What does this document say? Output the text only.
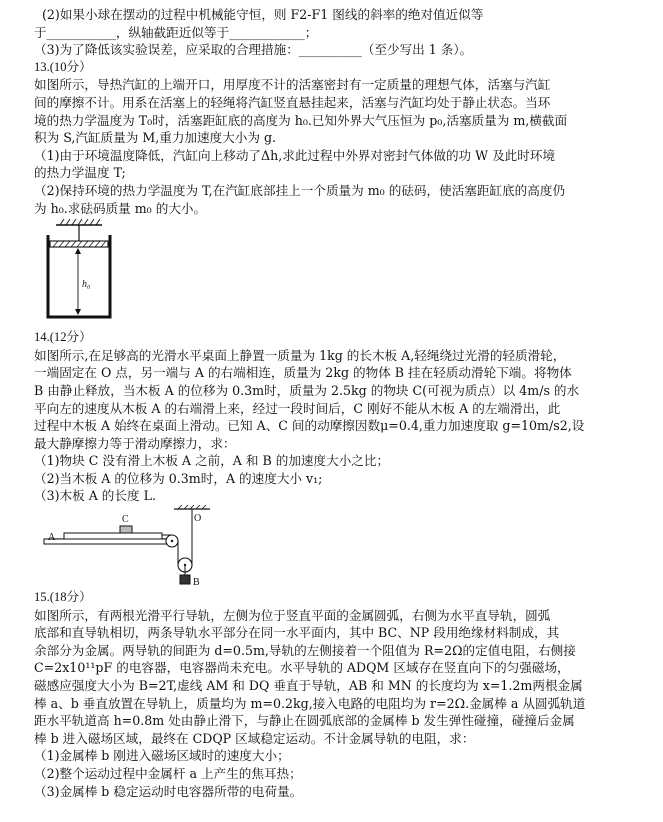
(2)如果小球在摆动的过程中机械能守恒，则 F2-F1 图线的斜率的绝对值近似等
于___________，纵轴截距近似等于____________；
（3)为了降低该实验误差，应采取的合理措施：__________（至少写出 1 条）。
13.(10分）
如图所示，导热汽缸的上端开口，用厚度不计的活塞密封有一定质量的理想气体，活塞与汽缸
间的摩擦不计。用系在活塞上的轻绳将汽缸竖直悬挂起来，活塞与汽缸均处于静止状态。当环
境的热力学温度为 T₀时，活塞距缸底的高度为 h₀.已知外界大气压恒为 p₀,活塞质量为 m,横截面
积为 S,汽缸质量为 M,重力加速度大小为 g.
（1)由于环境温度降低，汽缸向上移动了Δh,求此过程中外界对密封气体做的功 W 及此时环境
的热力学温度 T;
（2)保持环境的热力学温度为 T,在汽缸底部挂上一个质量为 m₀ 的砝码，使活塞距缸底的高度仍
为 h₀.求砝码质量 m₀ 的大小。
h₀
14.(12分）
如图所示,在足够高的光滑水平桌面上静置一质量为 1kg 的长木板 A,轻绳绕过光滑的轻质滑轮，
一端固定在 O 点，另一端与 A 的右端相连，质量为 2kg 的物体 B 挂在轻质动滑轮下端。将物体
B 由静止释放，当木板 A 的位移为 0.3m时，质量为 2.5kg 的物块 C(可视为质点）以 4m/s 的水
平向左的速度从木板 A 的右端滑上来，经过一段时间后，C 刚好不能从木板 A 的左端滑出，此
过程中木板 A 始终在桌面上滑动。已知 A、C 间的动摩擦因数μ=0.4,重力加速度取 g=10m/s2,设
最大静摩擦力等于滑动摩擦力，求：
（1)物块 C 没有滑上木板 A 之前，A 和 B 的加速度大小之比；
（2)当木板 A 的位移为 0.3m时，A 的速度大小 v₁;
（3)木板 A 的长度 L.
O
A
C
B
15.(18分）
如图所示，有两根光滑平行导轨，左侧为位于竖直平面的金属圆弧，右侧为水平直导轨，圆弧
底部和直导轨相切，两条导轨水平部分在同一水平面内，其中 BC、NP 段用绝缘材料制成，其
余部分为金属。两导轨的间距为 d=0.5m,导轨的左侧接着一个阻值为 R=2Ω的定值电阻，右侧接
C=2x10¹¹pF 的电容器，电容器尚未充电。水平导轨的 ADQM 区域存在竖直向下的匀强磁场，
磁感应强度大小为 B=2T,虚线 AM 和 DQ 垂直于导轨，AB 和 MN 的长度均为 x=1.2m两根金属
棒 a、b 垂直放置在导轨上，质量均为 m=0.2kg,接入电路的电阻均为 r=2Ω.金属棒 a 从圆弧轨道
距水平轨道高 h=0.8m 处由静止滑下，与静止在圆弧底部的金属棒 b 发生弹性碰撞，碰撞后金属
棒 b 进入磁场区域，最终在 CDQP 区域稳定运动。不计金属导轨的电阻，求：
（1)金属棒 b 刚进入磁场区域时的速度大小；
（2)整个运动过程中金属杆 a 上产生的焦耳热；
（3)金属棒 b 稳定运动时电容器所带的电荷量。
